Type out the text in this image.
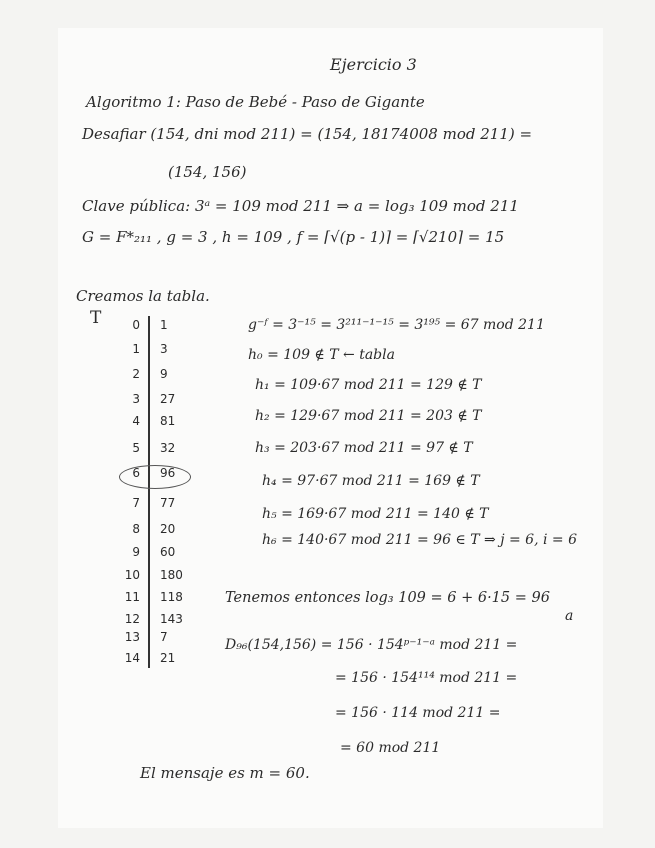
Ejercicio 3
Algoritmo 1: Paso de Bebé - Paso de Gigante
Desafiar (154, dni mod 211) = (154, 18174008 mod 211) =
(154, 156)
Clave pública: 3ᵃ = 109 mod 211 ⇒ a = log₃ 109 mod 211
G = F*₂₁₁ , g = 3 , h = 109 , f = ⌈√(p - 1)⌉ = ⌈√210⌉ = 15
Creamos la tabla.
T	0 1
1 3
2 9
3 27
4 81
5 32
6 96
7 77
8 20
9 60
10 180
11 118
12 143
13 7
14 21
g⁻ᶠ = 3⁻¹⁵ = 3²¹¹⁻¹⁻¹⁵ = 3¹⁹⁵ = 67 mod 211
h₀ = 109 ∉ T ← tabla
h₁ = 109·67 mod 211 = 129 ∉ T
h₂ = 129·67 mod 211 = 203 ∉ T
h₃ = 203·67 mod 211 = 97 ∉ T
h₄ = 97·67 mod 211 = 169 ∉ T
h₅ = 169·67 mod 211 = 140 ∉ T
h₆ = 140·67 mod 211 = 96 ∈ T ⇒ j = 6, i = 6
Tenemos entonces log₃ 109 = 6 + 6·15 = 96
a
D₉₆(154,156) = 156 · 154ᵖ⁻¹⁻ᵃ mod 211 =
= 156 · 154¹¹⁴ mod 211 =
= 156 · 114 mod 211 =
= 60 mod 211
El mensaje es m = 60.
